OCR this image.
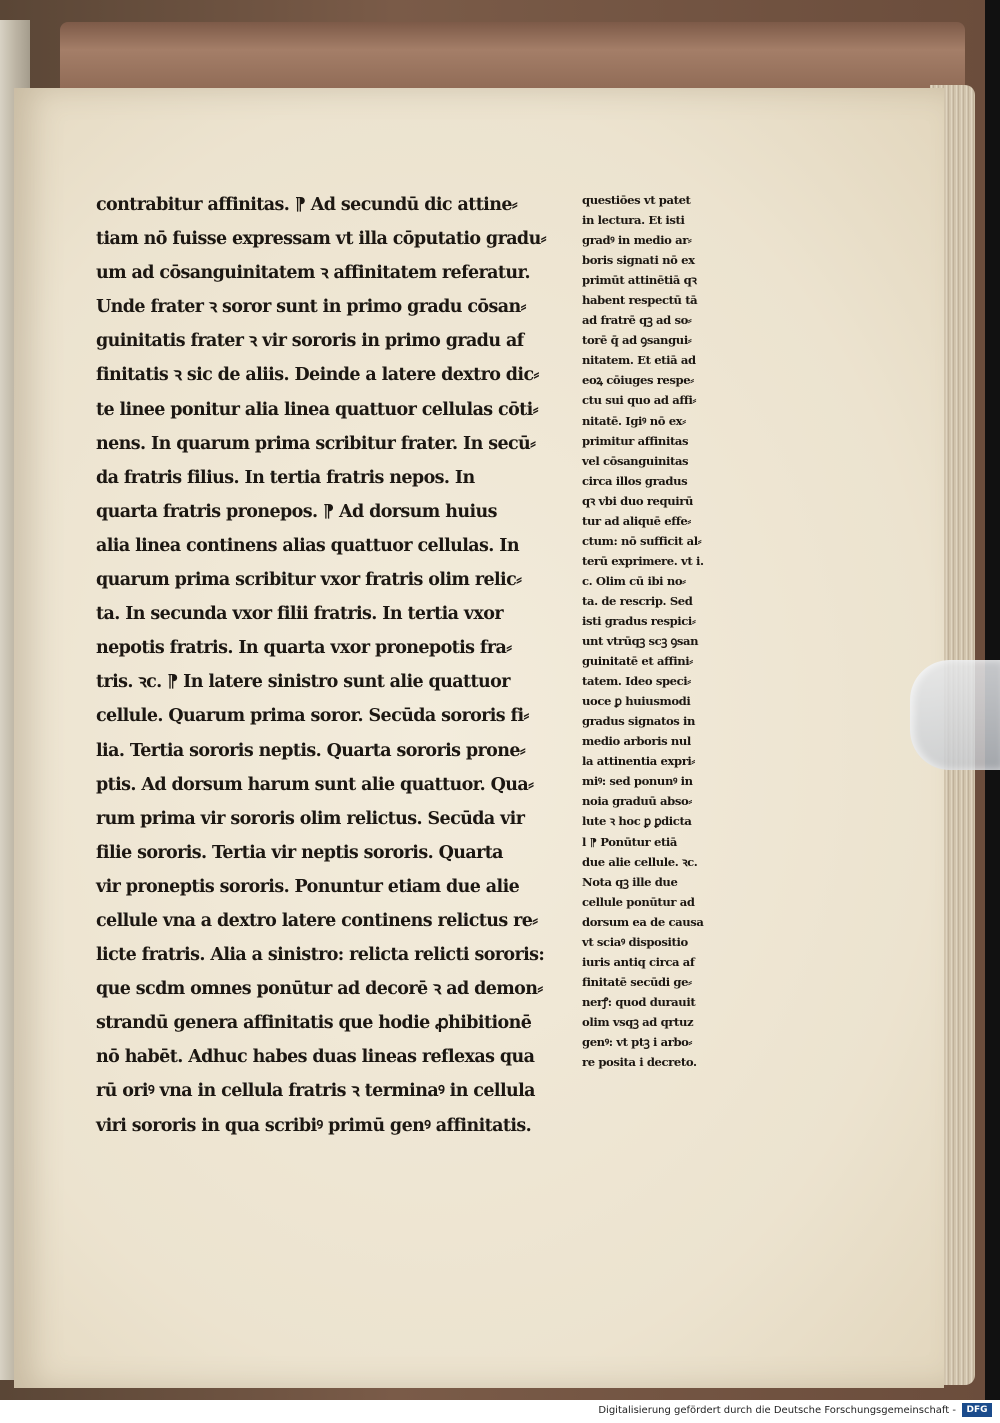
contrabitur affinitas. ⁋ Ad secundū dic attine⸗
tiam nō fuisse expressam vt illa cōputatio gradu⸗
um ad cōsanguinitatem ꝛ affinitatem referatur.
Unde frater ꝛ soror sunt in primo gradu cōsan⸗
guinitatis frater ꝛ vir sororis in primo gradu af
finitatis ꝛ sic de aliis. Deinde a latere dextro dic⸗
te linee ponitur alia linea quattuor cellulas cōti⸗
nens. In quarum prima scribitur frater. In secū⸗
da fratris filius. In tertia fratris nepos. In
quarta fratris pronepos. ⁋ Ad dorsum huius
alia linea continens alias quattuor cellulas. In
quarum prima scribitur vxor fratris olim relic⸗
ta. In secunda vxor filii fratris. In tertia vxor
nepotis fratris. In quarta vxor pronepotis fra⸗
tris. ꝛc. ⁋ In latere sinistro sunt alie quattuor
cellule. Quarum prima soror. Secūda sororis fi⸗
lia. Tertia sororis neptis. Quarta sororis prone⸗
ptis. Ad dorsum harum sunt alie quattuor. Qua⸗
rum prima vir sororis olim relictus. Secūda vir
filie sororis. Tertia vir neptis sororis. Quarta
vir proneptis sororis. Ponuntur etiam due alie
cellule vna a dextro latere continens relictus re⸗
licte fratris. Alia a sinistro: relicta relicti sororis:
que scdm omnes ponūtur ad decorē ꝛ ad demon⸗
strandū genera affinitatis que hodie ꝓhibitionē
nō habēt. Adhuc habes duas lineas reflexas qua
rū oriꝰ vna in cellula fratris ꝛ terminaꝰ in cellula
viri sororis in qua scribiꝰ primū genꝰ affinitatis.
questiōes vt patet
in lectura. Et isti
gradꝰ in medio ar⸗
boris signati nō ex
primūt attinētiā qꝛ
habent respectū tā
ad fratrē qꝫ ad so⸗
torē q̄ ad ꝯsangui⸗
nitatem. Et etiā ad
eoꝝ cōiuges respe⸗
ctu sui quo ad affi⸗
nitatē. Igiꝰ nō ex⸗
primitur affinitas
vel cōsanguinitas
circa illos gradus
qꝛ vbi duo requirū
tur ad aliquē effe⸗
ctum: nō sufficit al⸗
terū exprimere. vt i.
c. Olim cū ibi no⸗
ta. de rescrip. Sed
isti gradus respici⸗
unt vtrūqꝫ scꝫ ꝯsan
guinitatē et affini⸗
tatem. Ideo speci⸗
uoce ꝑ huiusmodi
gradus signatos in
medio arboris nul
la attinentia expri⸗
miꝰ: sed ponunꝰ in
noia graduū abso⸗
lute ꝛ hoc ꝑ ꝑdicta
l ⁋ Ponūtur etiā
due alie cellule. ꝛc.
Nota qꝫ ille due
cellule ponūtur ad
dorsum ea de causa
vt sciaꝰ dispositio
iuris antiq circa af
finitatē secūdi ge⸗
nerꝭ: quod durauit
olim vsqꝫ ad qrtuz
genꝰ: vt ptꝫ i arbo⸗
re posita i decreto.
Digitalisierung gefördert durch die Deutsche Forschungsgemeinschaft -	DFG
